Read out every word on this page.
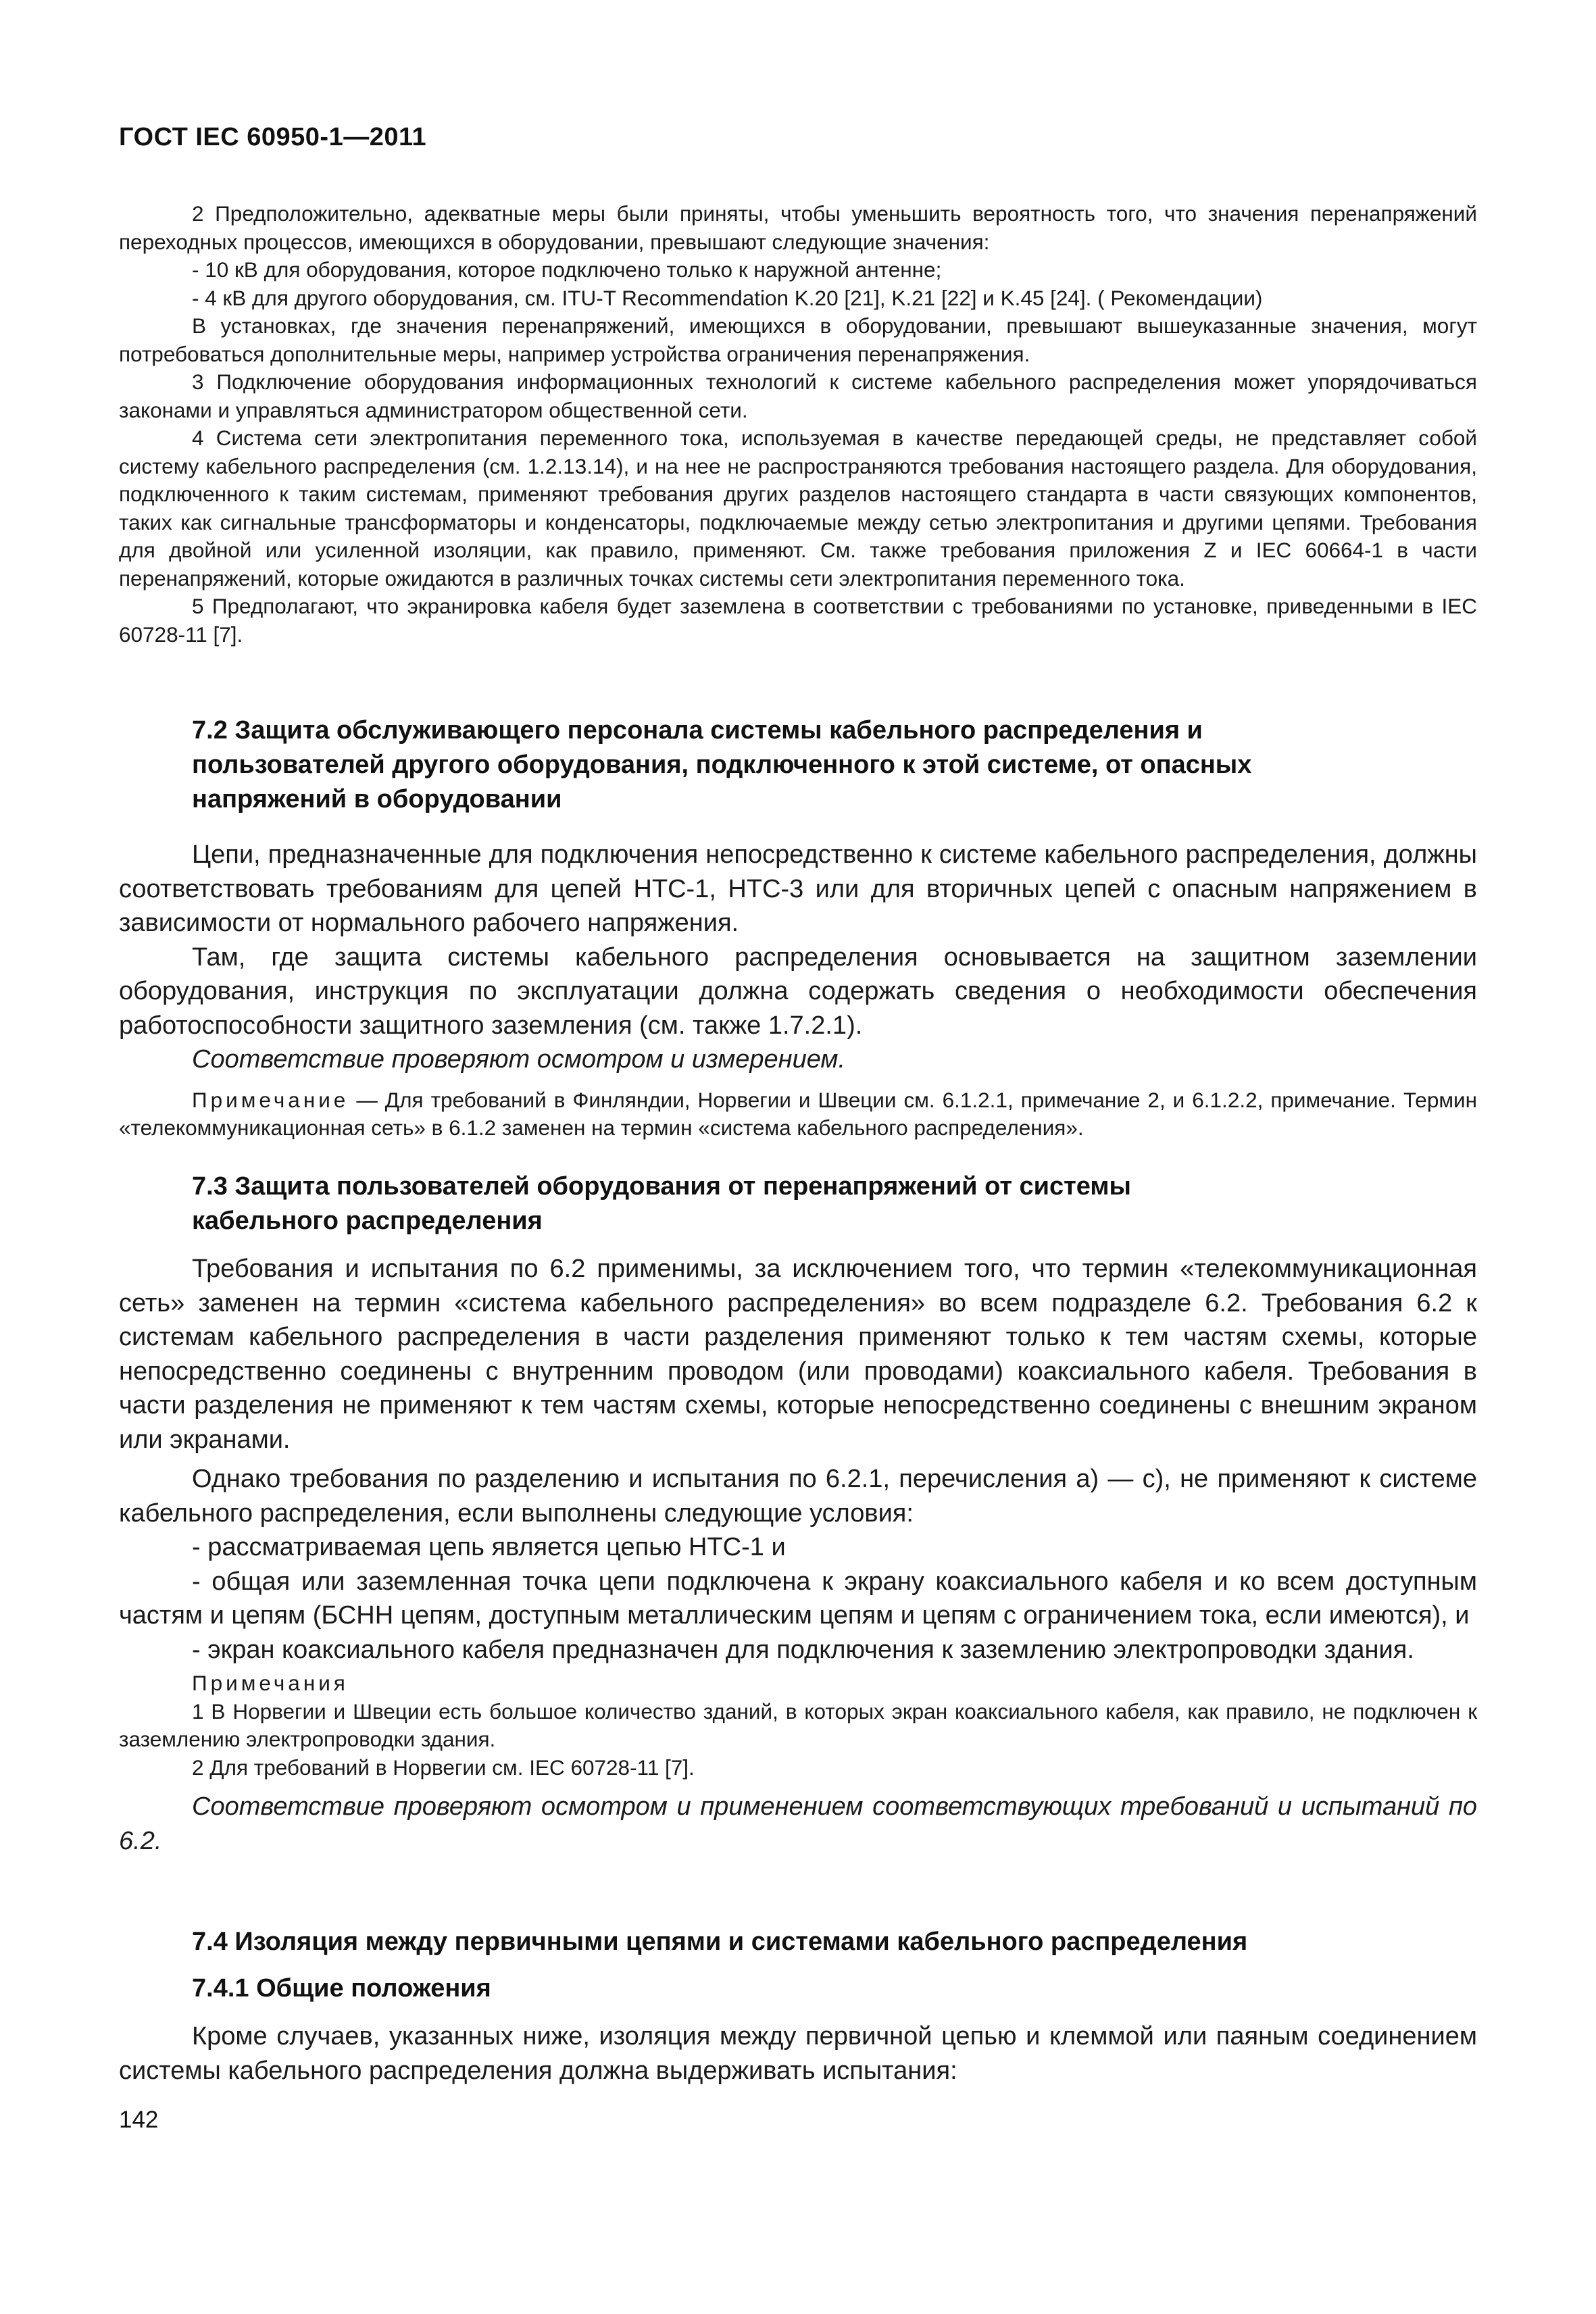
ГОСТ IEC 60950-1—2011

2 Предположительно, адекватные меры были приняты, чтобы уменьшить вероятность того, что значения перенапряжений переходных процессов, имеющихся в оборудовании, превышают следующие значения:

- 10 кВ для оборудования, которое подключено только к наружной антенне;

- 4 кВ для другого оборудования, см. ITU-T Recommendation K.20 [21], K.21 [22] и K.45 [24]. ( Рекомендации)

В установках, где значения перенапряжений, имеющихся в оборудовании, превышают вышеуказанные значения, могут потребоваться дополнительные меры, например устройства ограничения перенапряжения.

3 Подключение оборудования информационных технологий к системе кабельного распределения может упорядочиваться законами и управляться администратором общественной сети.

4 Система сети электропитания переменного тока, используемая в качестве передающей среды, не представляет собой систему кабельного распределения (см. 1.2.13.14), и на нее не распространяются требования настоящего раздела. Для оборудования, подключенного к таким системам, применяют требования других разделов настоящего стандарта в части связующих компонентов, таких как сигнальные трансформаторы и конденсаторы, подключаемые между сетью электропитания и другими цепями. Требования для двойной или усиленной изоляции, как правило, применяют. См. также требования приложения Z и IEC 60664-1 в части перенапряжений, которые ожидаются в различных точках системы сети электропитания переменного тока.

5 Предполагают, что экранировка кабеля будет заземлена в соответствии с требованиями по установке, приведенными в IEC 60728-11 [7].

7.2 Защита обслуживающего персонала системы кабельного распределения и пользователей другого оборудования, подключенного к этой системе, от опасных напряжений в оборудовании

Цепи, предназначенные для подключения непосредственно к системе кабельного распределения, должны соответствовать требованиям для цепей НТС-1, НТС-3 или для вторичных цепей с опасным напряжением в зависимости от нормального рабочего напряжения.

Там, где защита системы кабельного распределения основывается на защитном заземлении оборудования, инструкция по эксплуатации должна содержать сведения о необходимости обеспечения работоспособности защитного заземления (см. также 1.7.2.1).

Соответствие проверяют осмотром и измерением.

Примечание — Для требований в Финляндии, Норвегии и Швеции см. 6.1.2.1, примечание 2, и 6.1.2.2, примечание. Термин «телекоммуникационная сеть» в 6.1.2 заменен на термин «система кабельного распределения».

7.3 Защита пользователей оборудования от перенапряжений от системы кабельного распределения

Требования и испытания по 6.2 применимы, за исключением того, что термин «телекоммуникационная сеть» заменен на термин «система кабельного распределения» во всем подразделе 6.2. Требования 6.2 к системам кабельного распределения в части разделения применяют только к тем частям схемы, которые непосредственно соединены с внутренним проводом (или проводами) коаксиального кабеля. Требования в части разделения не применяют к тем частям схемы, которые непосредственно соединены с внешним экраном или экранами.

Однако требования по разделению и испытания по 6.2.1, перечисления a) — c), не применяют к системе кабельного распределения, если выполнены следующие условия:

- рассматриваемая цепь является цепью НТС-1 и

- общая или заземленная точка цепи подключена к экрану коаксиального кабеля и ко всем доступным частям и цепям (БСНН цепям, доступным металлическим цепям и цепям с ограничением тока, если имеются), и

- экран коаксиального кабеля предназначен для подключения к заземлению электропроводки здания.

Примечания

1 В Норвегии и Швеции есть большое количество зданий, в которых экран коаксиального кабеля, как правило, не подключен к заземлению электропроводки здания.

2 Для требований в Норвегии см. IEC 60728-11 [7].

Соответствие проверяют осмотром и применением соответствующих требований и испытаний по 6.2.

7.4 Изоляция между первичными цепями и системами кабельного распределения

7.4.1 Общие положения

Кроме случаев, указанных ниже, изоляция между первичной цепью и клеммой или паяным соединением системы кабельного распределения должна выдерживать испытания:

142
